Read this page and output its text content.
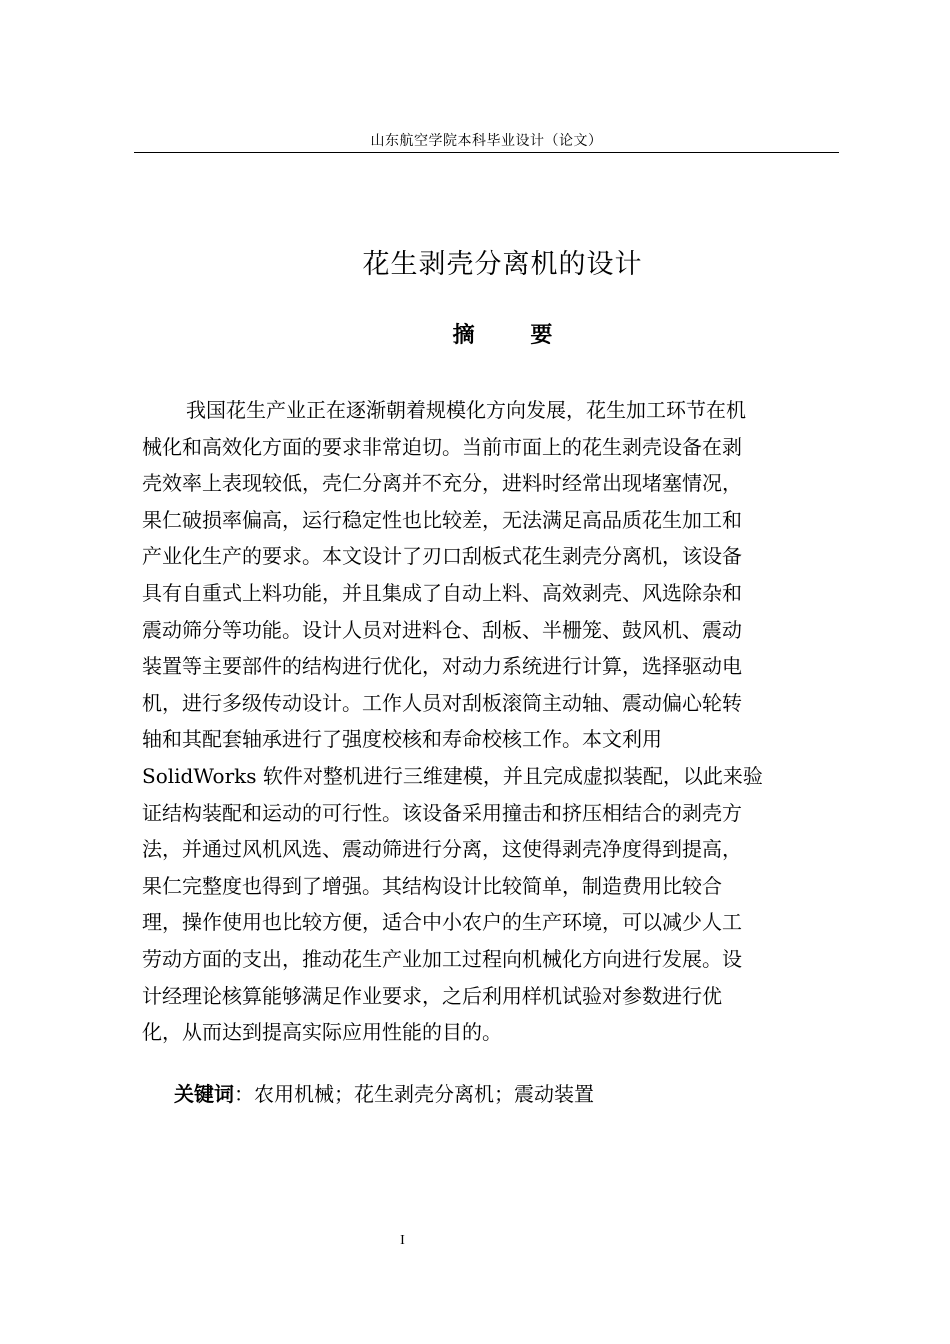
山东航空学院本科毕业设计（论文）
花生剥壳分离机的设计
摘 要
我国花生产业正在逐渐朝着规模化方向发展，花生加工环节在机
械化和高效化方面的要求非常迫切。当前市面上的花生剥壳设备在剥
壳效率上表现较低，壳仁分离并不充分，进料时经常出现堵塞情况，
果仁破损率偏高，运行稳定性也比较差，无法满足高品质花生加工和
产业化生产的要求。本文设计了刃口刮板式花生剥壳分离机，该设备
具有自重式上料功能，并且集成了自动上料、高效剥壳、风选除杂和
震动筛分等功能。设计人员对进料仓、刮板、半栅笼、鼓风机、震动
装置等主要部件的结构进行优化，对动力系统进行计算，选择驱动电
机，进行多级传动设计。工作人员对刮板滚筒主动轴、震动偏心轮转
轴和其配套轴承进行了强度校核和寿命校核工作。本文利用
SolidWorks 软件对整机进行三维建模，并且完成虚拟装配，以此来验
证结构装配和运动的可行性。该设备采用撞击和挤压相结合的剥壳方
法，并通过风机风选、震动筛进行分离，这使得剥壳净度得到提高，
果仁完整度也得到了增强。其结构设计比较简单，制造费用比较合
理，操作使用也比较方便，适合中小农户的生产环境，可以减少人工
劳动方面的支出，推动花生产业加工过程向机械化方向进行发展。设
计经理论核算能够满足作业要求，之后利用样机试验对参数进行优
化，从而达到提高实际应用性能的目的。
关键词：农用机械；花生剥壳分离机；震动装置
I
